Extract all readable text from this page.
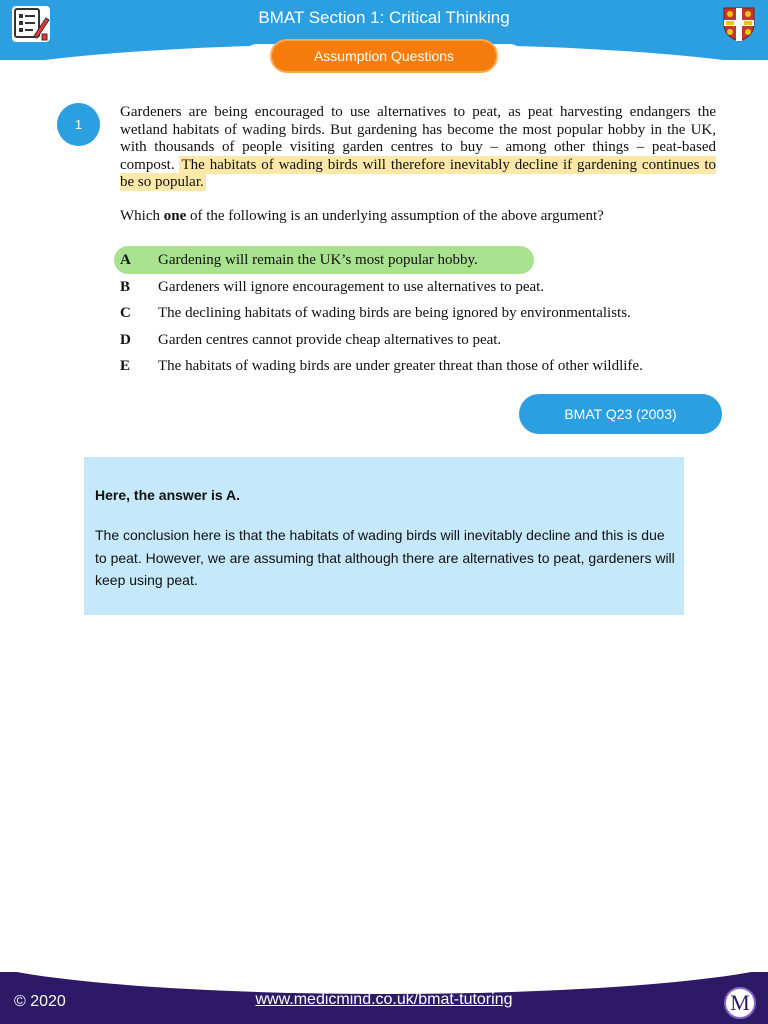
BMAT Section 1: Critical Thinking
Assumption Questions
1

Gardeners are being encouraged to use alternatives to peat, as peat harvesting endangers the wetland habitats of wading birds. But gardening has become the most popular hobby in the UK, with thousands of people visiting garden centres to buy – among other things – peat-based compost. The habitats of wading birds will therefore inevitably decline if gardening continues to be so popular.

Which one of the following is an underlying assumption of the above argument?

A Gardening will remain the UK’s most popular hobby.
B Gardeners will ignore encouragement to use alternatives to peat.
C The declining habitats of wading birds are being ignored by environmentalists.
D Garden centres cannot provide cheap alternatives to peat.
E The habitats of wading birds are under greater threat than those of other wildlife.
BMAT Q23 (2003)

Here, the answer is A.

The conclusion here is that the habitats of wading birds will inevitably decline and this is due to peat. However, we are assuming that although there are alternatives to peat, gardeners will keep using peat.

© 2020	www.medicmind.co.uk/bmat-tutoring	M
